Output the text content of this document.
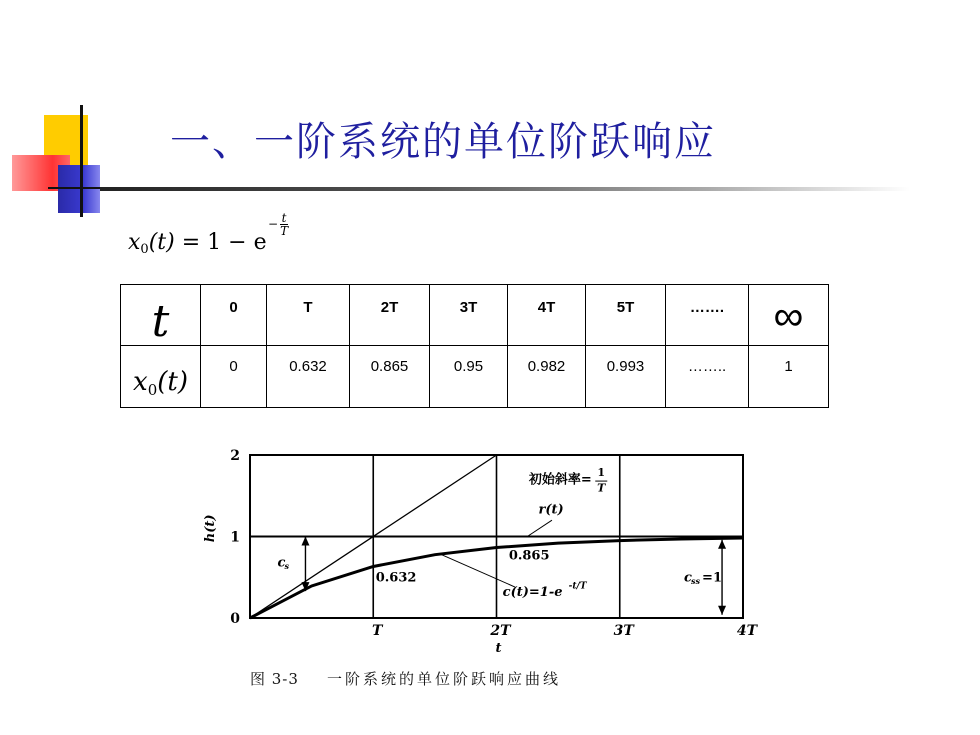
一、一阶系统的单位阶跃响应
$x_0(t) = 1 - e$
− $\frac{t}{T}$
t	0	T	2T	3T	4T	5T	…….	∞
$x_0(t)$	0	0.632	0.865	0.95	0.982	0.993	……..	1
0
1
2
T	2T	3T	4T
t
h(t)
初始斜率= 1
T
r(t)
0.632
0.865
c(t)=1-e -t/T
c s
c ss =1
图 3-3 一阶系统的单位阶跃响应曲线
